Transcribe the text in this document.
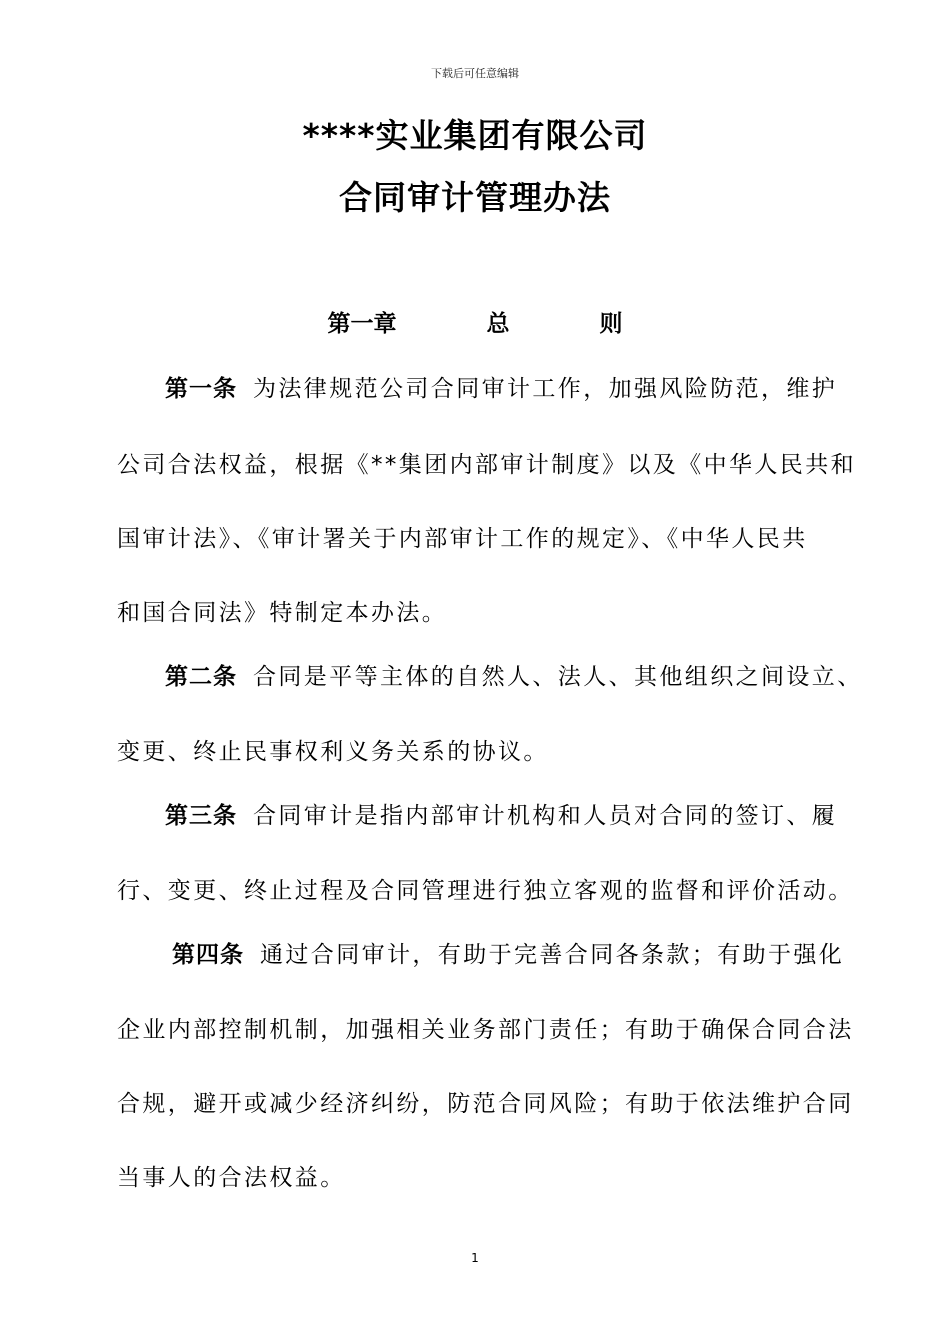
下载后可任意编辑
****实业集团有限公司
合同审计管理办法
第一章   总   则
第一条 为法律规范公司合同审计工作，加强风险防范，维护
公司合法权益，根据《**集团内部审计制度》以及《中华人民共和
国审计法》、《审计署关于内部审计工作的规定》、《中华人民共
和国合同法》特制定本办法。
第二条 合同是平等主体的自然人、法人、其他组织之间设立、
变更、终止民事权利义务关系的协议。
第三条 合同审计是指内部审计机构和人员对合同的签订、履
行、变更、终止过程及合同管理进行独立客观的监督和评价活动。
第四条 通过合同审计，有助于完善合同各条款；有助于强化
企业内部控制机制，加强相关业务部门责任；有助于确保合同合法
合规，避开或减少经济纠纷，防范合同风险；有助于依法维护合同
当事人的合法权益。
1
